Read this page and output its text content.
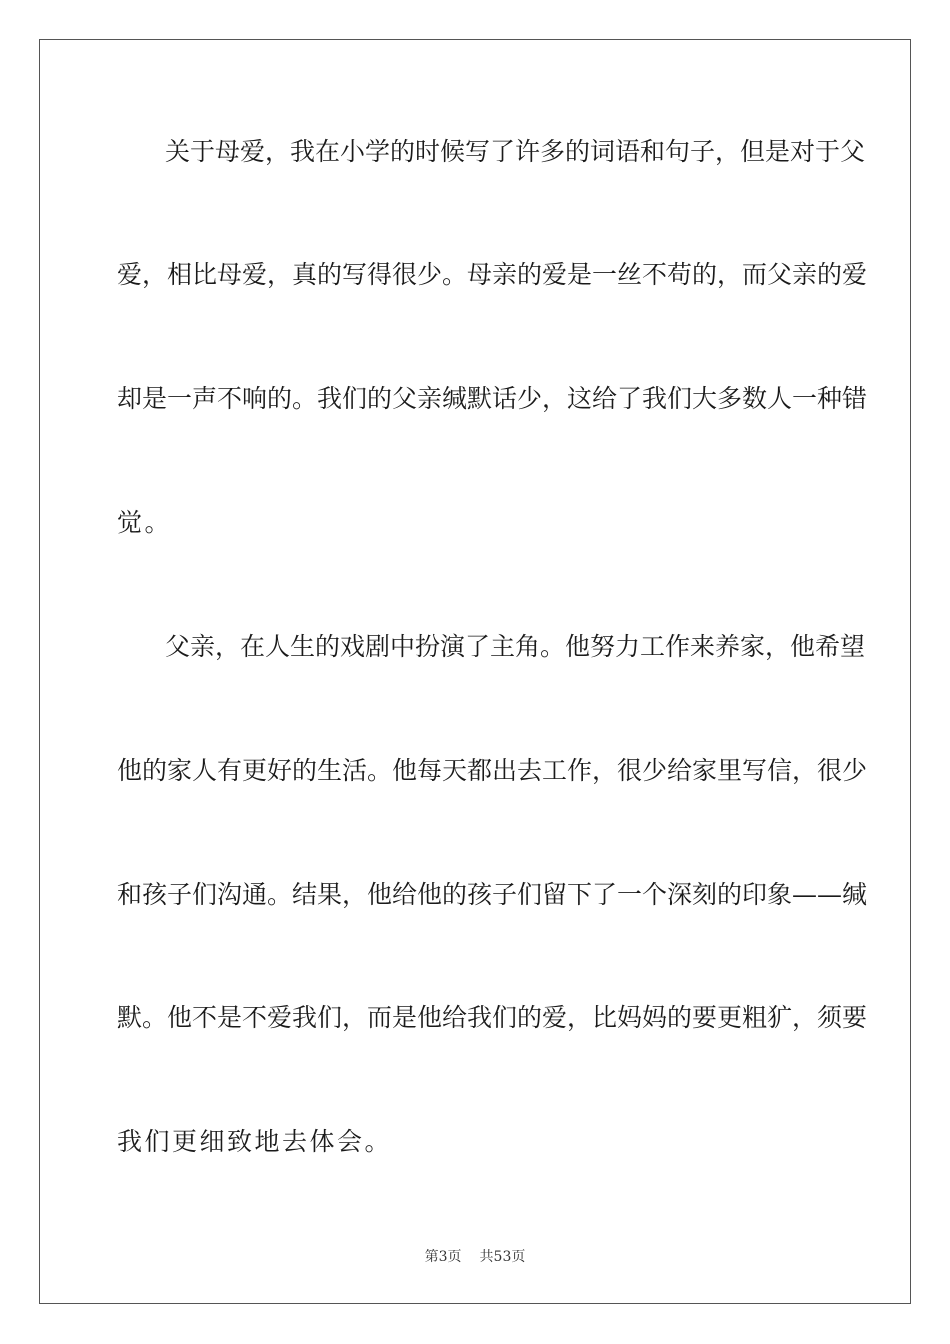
关于母爱，我在小学的时候写了许多的词语和句子，但是对于父
爱，相比母爱，真的写得很少。母亲的爱是一丝不苟的，而父亲的爱
却是一声不响的。我们的父亲缄默话少，这给了我们大多数人一种错
觉。
父亲，在人生的戏剧中扮演了主角。他努力工作来养家，他希望
他的家人有更好的生活。他每天都出去工作，很少给家里写信，很少
和孩子们沟通。结果，他给他的孩子们留下了一个深刻的印象——缄
默。他不是不爱我们，而是他给我们的爱，比妈妈的要更粗犷，须要
我们更细致地去体会。
第3页 共53页
